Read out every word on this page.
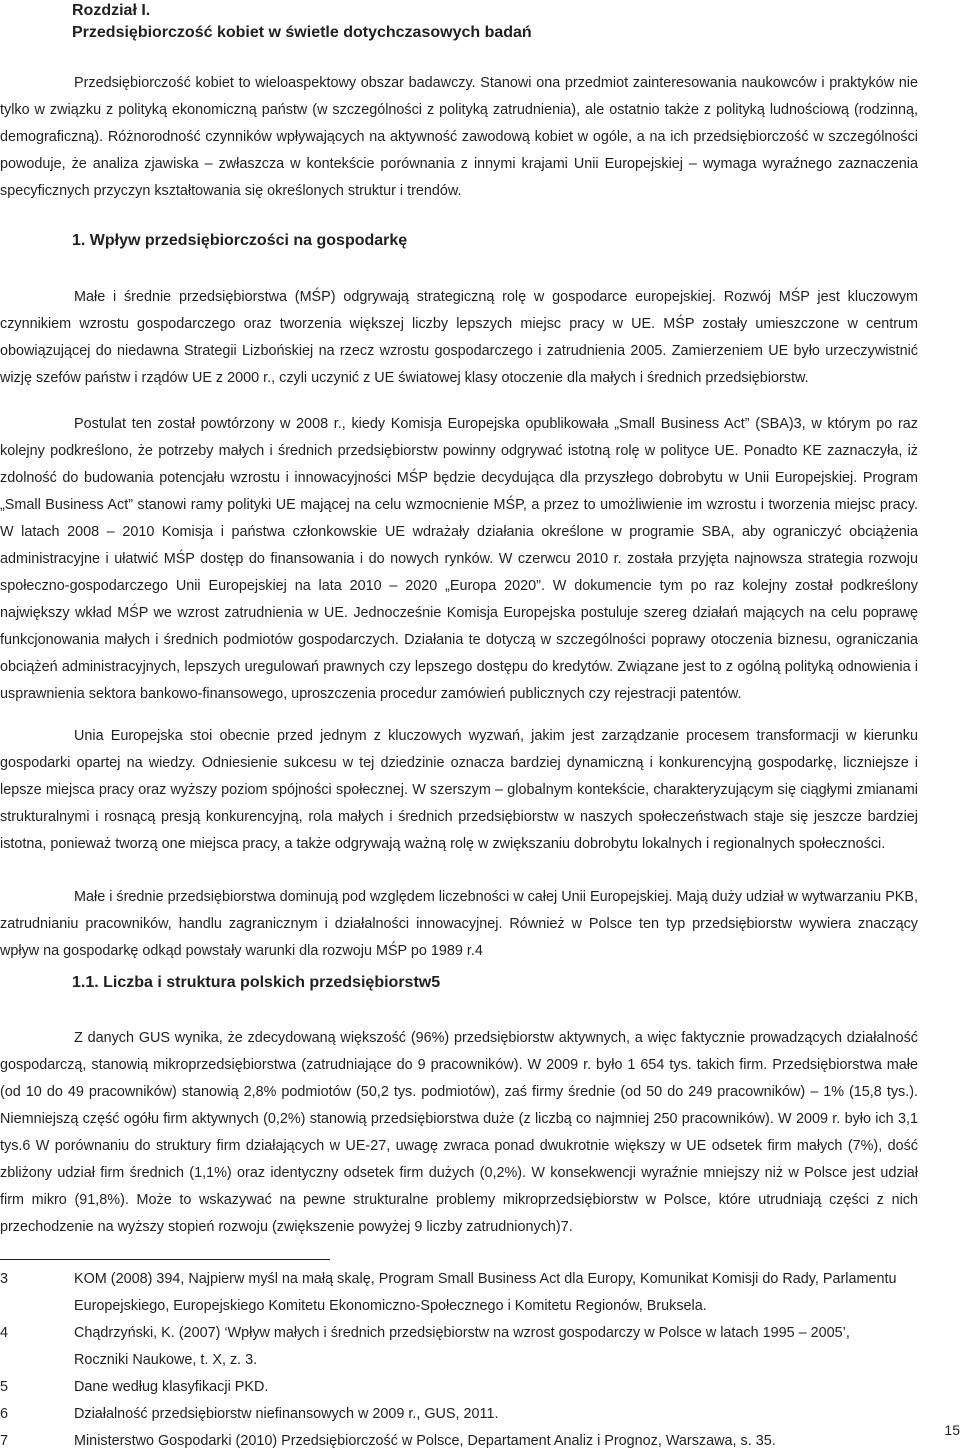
Rozdział I.
Przedsiębiorczość kobiet w świetle dotychczasowych badań

Przedsiębiorczość kobiet to wieloaspektowy obszar badawczy. Stanowi ona przedmiot zainteresowania naukowców i praktyków nie tylko w związku z polityką ekonomiczną państw (w szczególności z polityką zatrudnienia), ale ostatnio także z polityką ludnościową (rodzinną, demograficzną). Różnorodność czynników wpływających na aktywność zawodową kobiet w ogóle, a na ich przedsiębiorczość w szczególności powoduje, że analiza zjawiska – zwłaszcza w kontekście porównania z innymi krajami Unii Europejskiej – wymaga wyraźnego zaznaczenia specyficznych przyczyn kształtowania się określonych struktur i trendów.

1. Wpływ przedsiębiorczości na gospodarkę

Małe i średnie przedsiębiorstwa (MŚP) odgrywają strategiczną rolę w gospodarce europejskiej. Rozwój MŚP jest kluczowym czynnikiem wzrostu gospodarczego oraz tworzenia większej liczby lepszych miejsc pracy w UE. MŚP zostały umieszczone w centrum obowiązującej do niedawna Strategii Lizbońskiej na rzecz wzrostu gospodarczego i zatrudnienia 2005. Zamierzeniem UE było urzeczywistnić wizję szefów państw i rządów UE z 2000 r., czyli uczynić z UE światowej klasy otoczenie dla małych i średnich przedsiębiorstw.

Postulat ten został powtórzony w 2008 r., kiedy Komisja Europejska opublikowała „Small Business Act” (SBA)3, w którym po raz kolejny podkreślono, że potrzeby małych i średnich przedsiębiorstw powinny odgrywać istotną rolę w polityce UE. Ponadto KE zaznaczyła, iż zdolność do budowania potencjału wzrostu i innowacyjności MŚP będzie decydująca dla przyszłego dobrobytu w Unii Europejskiej. Program „Small Business Act” stanowi ramy polityki UE mającej na celu wzmocnienie MŚP, a przez to umożliwienie im wzrostu i tworzenia miejsc pracy. W latach 2008 – 2010 Komisja i państwa członkowskie UE wdrażały działania określone w programie SBA, aby ograniczyć obciążenia administracyjne i ułatwić MŚP dostęp do finansowania i do nowych rynków. W czerwcu 2010 r. została przyjęta najnowsza strategia rozwoju społeczno-gospodarczego Unii Europejskiej na lata 2010 – 2020 „Europa 2020”. W dokumencie tym po raz kolejny został podkreślony największy wkład MŚP we wzrost zatrudnienia w UE. Jednocześnie Komisja Europejska postuluje szereg działań mających na celu poprawę funkcjonowania małych i średnich podmiotów gospodarczych. Działania te dotyczą w szczególności poprawy otoczenia biznesu, ograniczania obciążeń administracyjnych, lepszych uregulowań prawnych czy lepszego dostępu do kredytów. Związane jest to z ogólną polityką odnowienia i usprawnienia sektora bankowo-finansowego, uproszczenia procedur zamówień publicznych czy rejestracji patentów.

Unia Europejska stoi obecnie przed jednym z kluczowych wyzwań, jakim jest zarządzanie procesem transformacji w kierunku gospodarki opartej na wiedzy. Odniesienie sukcesu w tej dziedzinie oznacza bardziej dynamiczną i konkurencyjną gospodarkę, liczniejsze i lepsze miejsca pracy oraz wyższy poziom spójności społecznej. W szerszym – globalnym kontekście, charakteryzującym się ciągłymi zmianami strukturalnymi i rosnącą presją konkurencyjną, rola małych i średnich przedsiębiorstw w naszych społeczeństwach staje się jeszcze bardziej istotna, ponieważ tworzą one miejsca pracy, a także odgrywają ważną rolę w zwiększaniu dobrobytu lokalnych i regionalnych społeczności.

Małe i średnie przedsiębiorstwa dominują pod względem liczebności w całej Unii Europejskiej. Mają duży udział w wytwarzaniu PKB, zatrudnianiu pracowników, handlu zagranicznym i działalności innowacyjnej. Również w Polsce ten typ przedsiębiorstw wywiera znaczący wpływ na gospodarkę odkąd powstały warunki dla rozwoju MŚP po 1989 r.4

1.1. Liczba i struktura polskich przedsiębiorstw5

Z danych GUS wynika, że zdecydowaną większość (96%) przedsiębiorstw aktywnych, a więc faktycznie prowadzących działalność gospodarczą, stanowią mikroprzedsiębiorstwa (zatrudniające do 9 pracowników). W 2009 r. było 1 654 tys. takich firm. Przedsiębiorstwa małe (od 10 do 49 pracowników) stanowią 2,8% podmiotów (50,2 tys. podmiotów), zaś firmy średnie (od 50 do 249 pracowników) – 1% (15,8 tys.). Niemniejszą część ogółu firm aktywnych (0,2%) stanowią przedsiębiorstwa duże (z liczbą co najmniej 250 pracowników). W 2009 r. było ich 3,1 tys.6 W porównaniu do struktury firm działających w UE-27, uwagę zwraca ponad dwukrotnie większy w UE odsetek firm małych (7%), dość zbliżony udział firm średnich (1,1%) oraz identyczny odsetek firm dużych (0,2%). W konsekwencji wyraźnie mniejszy niż w Polsce jest udział firm mikro (91,8%). Może to wskazywać na pewne strukturalne problemy mikroprzedsiębiorstw w Polsce, które utrudniają części z nich przechodzenie na wyższy stopień rozwoju (zwiększenie powyżej 9 liczby zatrudnionych)7.

3	KOM (2008) 394, Najpierw myśl na małą skalę, Program Small Business Act dla Europy, Komunikat Komisji do Rady, Parlamentu Europejskiego, Europejskiego Komitetu Ekonomiczno-Społecznego i Komitetu Regionów, Bruksela.
4	Chądrzyński, K. (2007) ‘Wpływ małych i średnich przedsiębiorstw na wzrost gospodarczy w Polsce w latach 1995 – 2005’, Roczniki Naukowe, t. X, z. 3.
5	Dane według klasyfikacji PKD.
6	Działalność przedsiębiorstw niefinansowych w 2009 r., GUS, 2011.
7	Ministerstwo Gospodarki (2010) Przedsiębiorczość w Polsce, Departament Analiz i Prognoz, Warszawa, s. 35.
15
